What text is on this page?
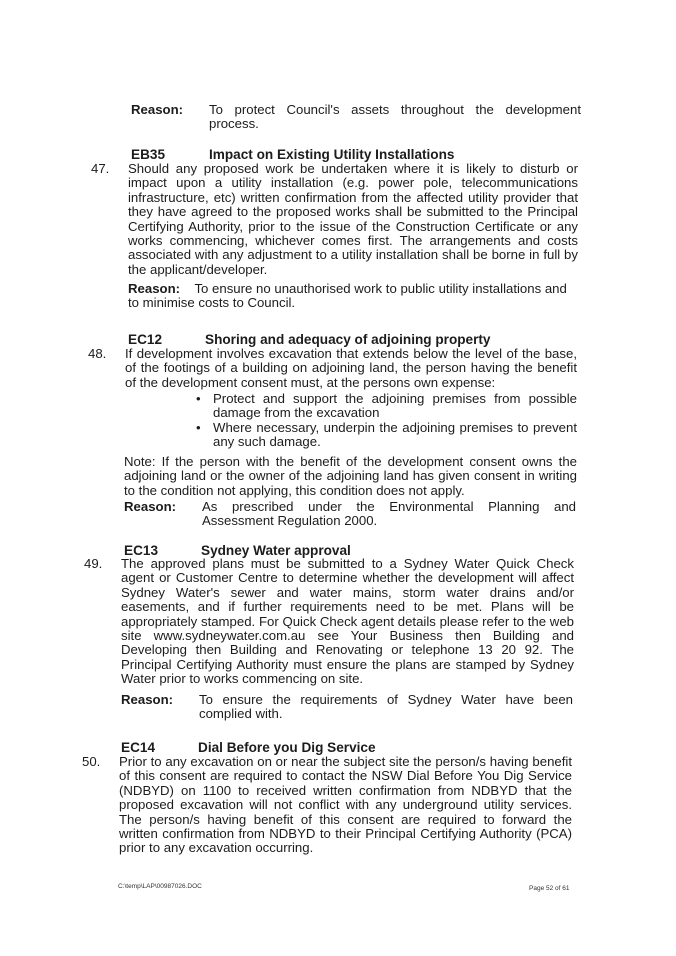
Reason: To protect Council's assets throughout the development process.
EB35	Impact on Existing Utility Installations
47. Should any proposed work be undertaken where it is likely to disturb or impact upon a utility installation (e.g. power pole, telecommunications infrastructure, etc) written confirmation from the affected utility provider that they have agreed to the proposed works shall be submitted to the Principal Certifying Authority, prior to the issue of the Construction Certificate or any works commencing, whichever comes first. The arrangements and costs associated with any adjustment to a utility installation shall be borne in full by the applicant/developer.
Reason: To ensure no unauthorised work to public utility installations and to minimise costs to Council.
EC12	Shoring and adequacy of adjoining property
48. If development involves excavation that extends below the level of the base, of the footings of a building on adjoining land, the person having the benefit of the development consent must, at the persons own expense:
• Protect and support the adjoining premises from possible damage from the excavation
• Where necessary, underpin the adjoining premises to prevent any such damage.
Note: If the person with the benefit of the development consent owns the adjoining land or the owner of the adjoining land has given consent in writing to the condition not applying, this condition does not apply.
Reason: As prescribed under the Environmental Planning and Assessment Regulation 2000.
EC13	Sydney Water approval
49. The approved plans must be submitted to a Sydney Water Quick Check agent or Customer Centre to determine whether the development will affect Sydney Water's sewer and water mains, storm water drains and/or easements, and if further requirements need to be met. Plans will be appropriately stamped. For Quick Check agent details please refer to the web site www.sydneywater.com.au see Your Business then Building and Developing then Building and Renovating or telephone 13 20 92. The Principal Certifying Authority must ensure the plans are stamped by Sydney Water prior to works commencing on site.
Reason: To ensure the requirements of Sydney Water have been complied with.
EC14	Dial Before you Dig Service
50. Prior to any excavation on or near the subject site the person/s having benefit of this consent are required to contact the NSW Dial Before You Dig Service (NDBYD) on 1100 to received written confirmation from NDBYD that the proposed excavation will not conflict with any underground utility services. The person/s having benefit of this consent are required to forward the written confirmation from NDBYD to their Principal Certifying Authority (PCA) prior to any excavation occurring.
C:\temp\LAP\00987026.DOC	Page 52 of 61
